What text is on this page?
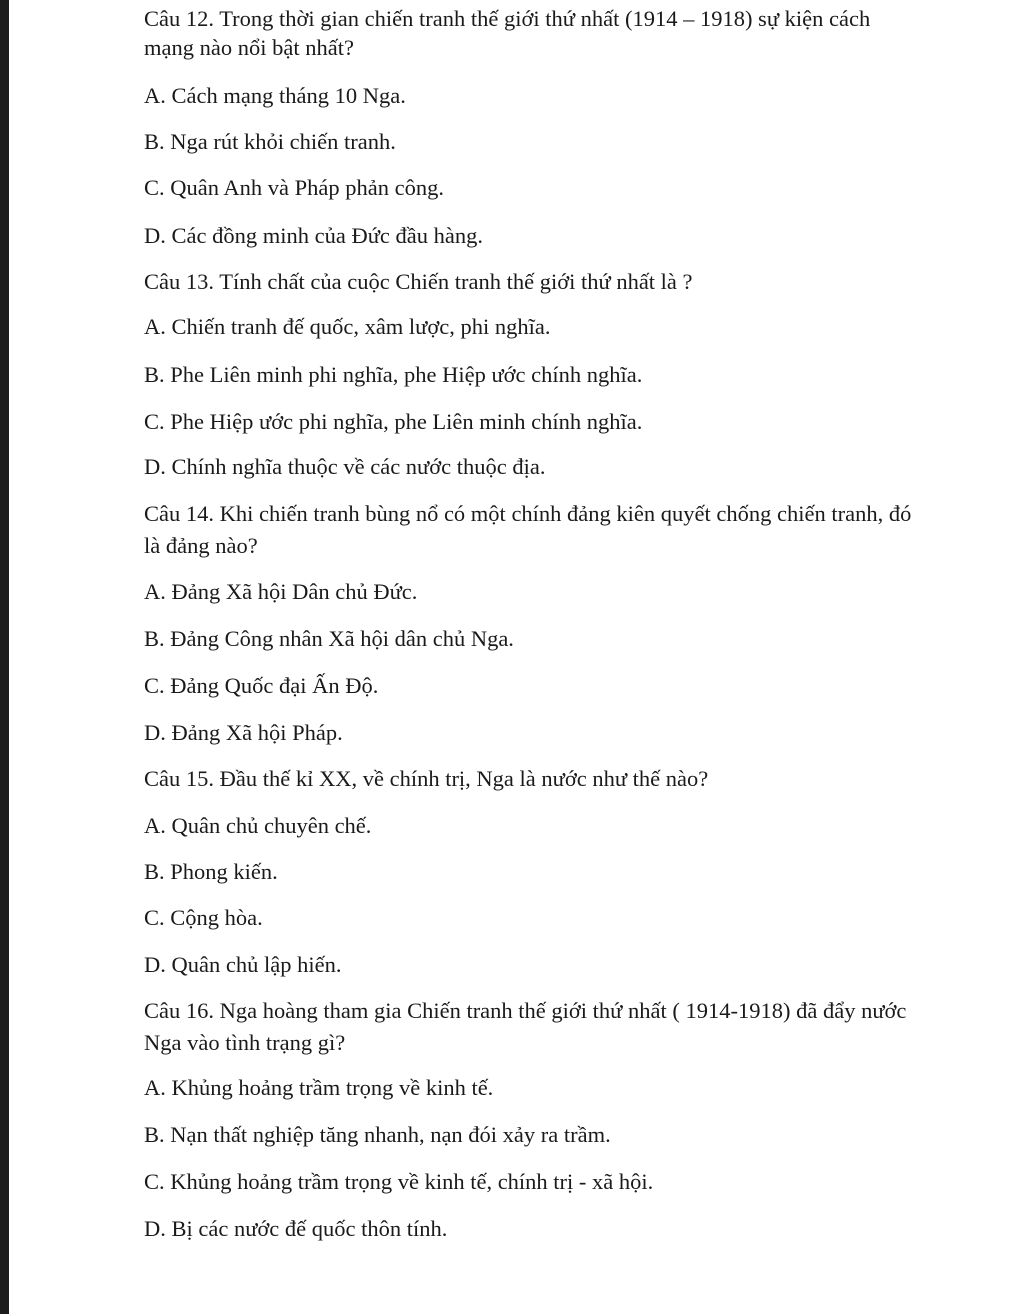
Câu 12. Trong thời gian chiến tranh thế giới thứ nhất (1914 – 1918) sự kiện cách
mạng nào nổi bật nhất?
A. Cách mạng tháng 10 Nga.
B. Nga rút khỏi chiến tranh.
C. Quân Anh và Pháp phản công.
D. Các đồng minh của Đức đầu hàng.
Câu 13. Tính chất của cuộc Chiến tranh thế giới thứ nhất là ?
A. Chiến tranh đế quốc, xâm lược, phi nghĩa.
B. Phe Liên minh phi nghĩa, phe Hiệp ước chính nghĩa.
C. Phe Hiệp ước phi nghĩa, phe Liên minh chính nghĩa.
D. Chính nghĩa thuộc về các nước thuộc địa.
Câu 14. Khi chiến tranh bùng nổ có một chính đảng kiên quyết chống chiến tranh, đó
là đảng nào?
A. Đảng Xã hội Dân chủ Đức.
B. Đảng Công nhân Xã hội dân chủ Nga.
C. Đảng Quốc đại Ấn Độ.
D. Đảng Xã hội Pháp.
Câu 15. Đầu thế kỉ XX, về chính trị, Nga là nước như thế nào?
A. Quân chủ chuyên chế.
B. Phong kiến.
C. Cộng hòa.
D. Quân chủ lập hiến.
Câu 16. Nga hoàng tham gia Chiến tranh thế giới thứ nhất ( 1914-1918) đã đẩy nước
Nga vào tình trạng gì?
A. Khủng hoảng trầm trọng về kinh tế.
B. Nạn thất nghiệp tăng nhanh, nạn đói xảy ra trầm.
C. Khủng hoảng trầm trọng về kinh tế, chính trị - xã hội.
D. Bị các nước đế quốc thôn tính.
